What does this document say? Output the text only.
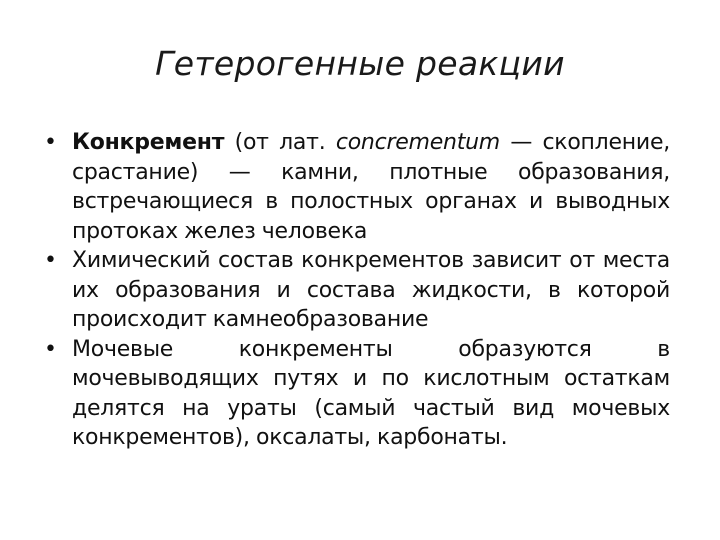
Гетерогенные реакции
• Конкремент (от лат. concrementum — скопление, срастание) — камни, плотные образования, встречающиеся в полостных органах и выводных протоках желез человека
• Химический состав конкрементов зависит от места их образования и состава жидкости, в которой происходит камнеобразование
• Мочевые конкременты образуются в мочевыводящих путях и по кислотным остаткам делятся на ураты (самый частый вид мочевых конкрементов), оксалаты, карбонаты.
